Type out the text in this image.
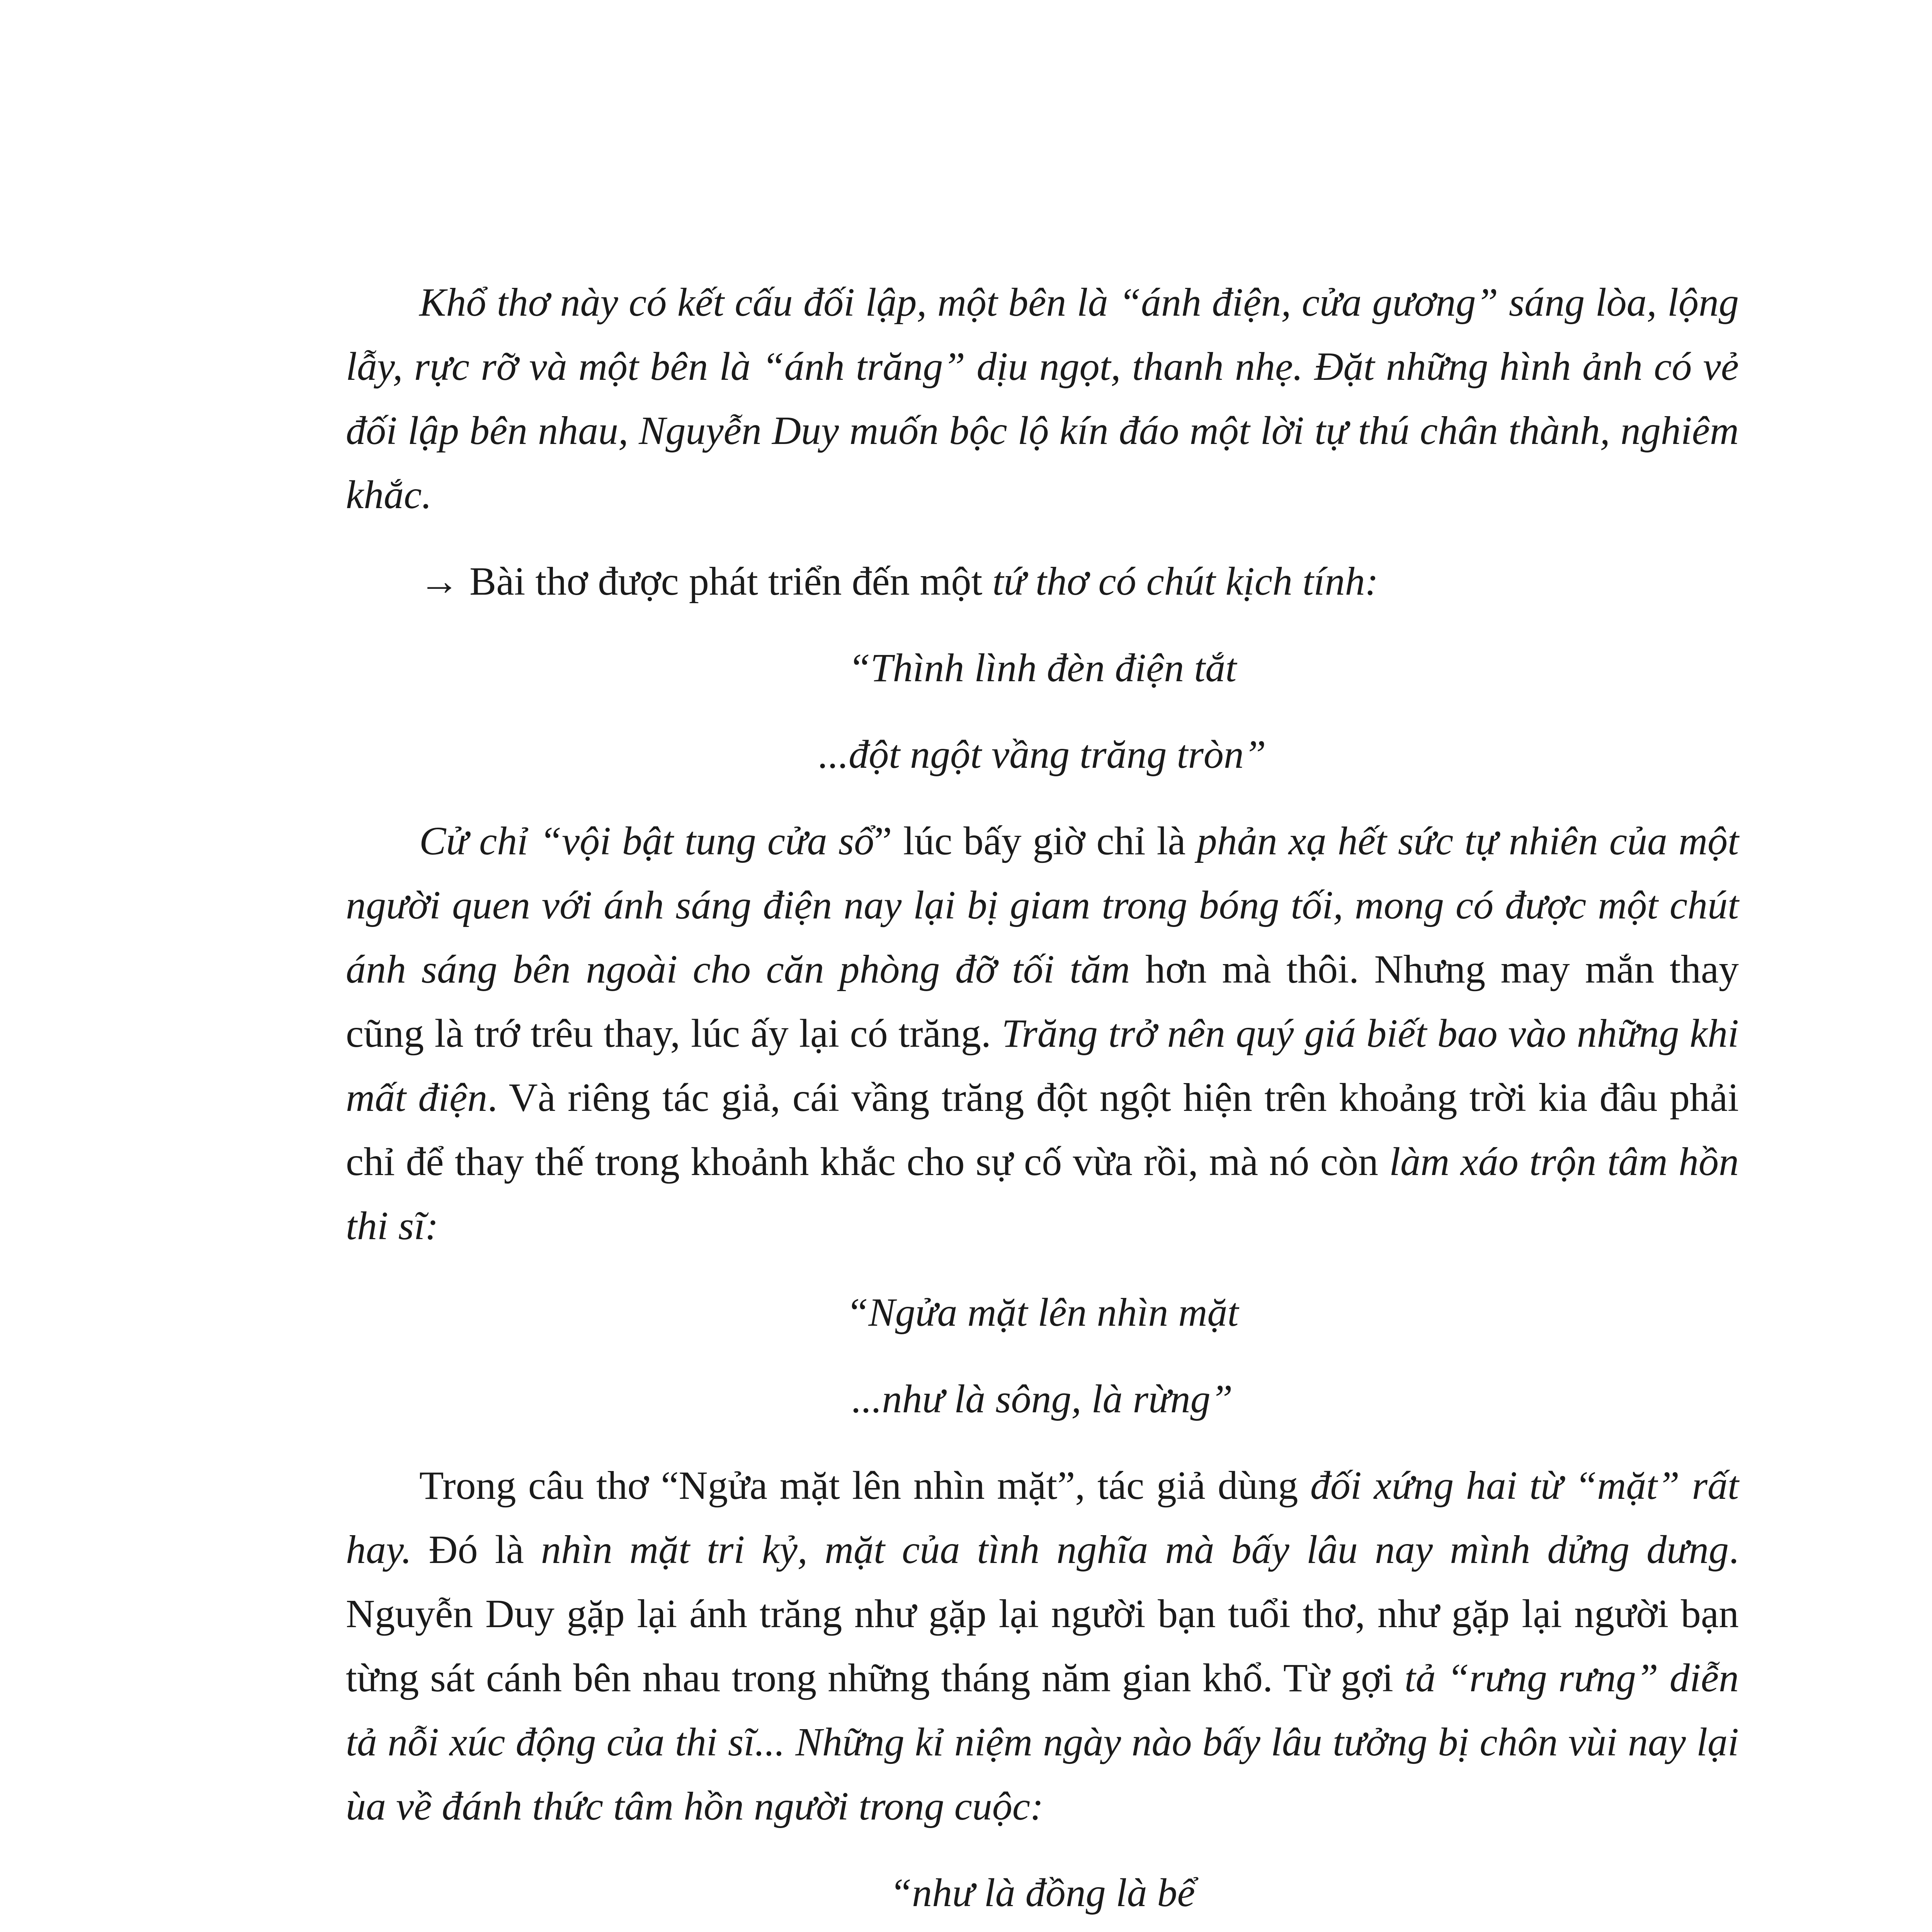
Khổ thơ này có kết cấu đối lập, một bên là “ánh điện, cửa gương” sáng lòa, lộng lẫy, rực rỡ và một bên là “ánh trăng” dịu ngọt, thanh nhẹ. Đặt những hình ảnh có vẻ đối lập bên nhau, Nguyễn Duy muốn bộc lộ kín đáo một lời tự thú chân thành, nghiêm khắc.

→ Bài thơ được phát triển đến một tứ thơ có chút kịch tính:

“Thình lình đèn điện tắt

...đột ngột vầng trăng tròn”

Cử chỉ “vội bật tung cửa sổ” lúc bấy giờ chỉ là phản xạ hết sức tự nhiên của một người quen với ánh sáng điện nay lại bị giam trong bóng tối, mong có được một chút ánh sáng bên ngoài cho căn phòng đỡ tối tăm hơn mà thôi. Nhưng may mắn thay cũng là trớ trêu thay, lúc ấy lại có trăng. Trăng trở nên quý giá biết bao vào những khi mất điện. Và riêng tác giả, cái vầng trăng đột ngột hiện trên khoảng trời kia đâu phải chỉ để thay thế trong khoảnh khắc cho sự cố vừa rồi, mà nó còn làm xáo trộn tâm hồn thi sĩ:

“Ngửa mặt lên nhìn mặt

...như là sông, là rừng”

Trong câu thơ “Ngửa mặt lên nhìn mặt”, tác giả dùng đối xứng hai từ “mặt” rất hay. Đó là nhìn mặt tri kỷ, mặt của tình nghĩa mà bấy lâu nay mình dửng dưng. Nguyễn Duy gặp lại ánh trăng như gặp lại người bạn tuổi thơ, như gặp lại người bạn từng sát cánh bên nhau trong những tháng năm gian khổ. Từ gợi tả “rưng rưng” diễn tả nỗi xúc động của thi sĩ... Những kỉ niệm ngày nào bấy lâu tưởng bị chôn vùi nay lại ùa về đánh thức tâm hồn người trong cuộc:

“như là đồng là bể
